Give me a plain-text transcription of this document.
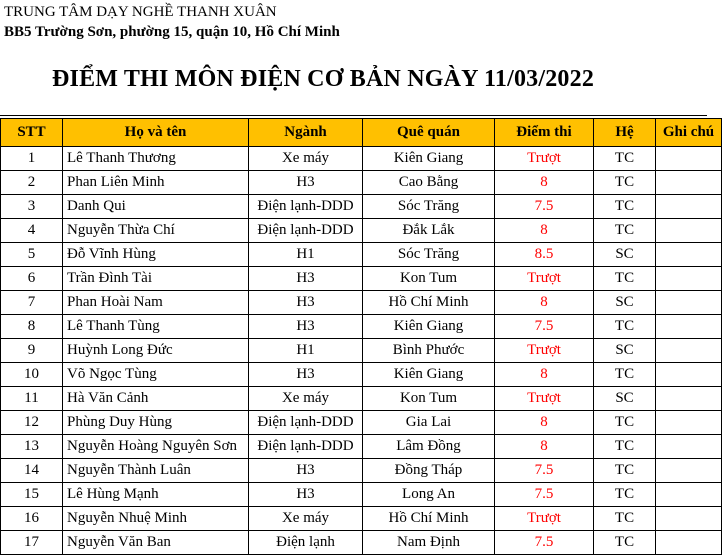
TRUNG TÂM DẠY NGHỀ THANH XUÂN
BB5 Trường Sơn, phường 15, quận 10, Hồ Chí Minh
ĐIỂM THI MÔN ĐIỆN CƠ BẢN NGÀY 11/03/2022
STT	Họ và tên	Ngành	Quê quán	Điểm thi	Hệ	Ghi chú
1	Lê Thanh Thương	Xe máy	Kiên Giang	Trượt	TC	
2	Phan Liên Minh	H3	Cao Bằng	8	TC	
3	Danh Qui	Điện lạnh-DDD	Sóc Trăng	7.5	TC	
4	Nguyễn Thừa Chí	Điện lạnh-DDD	Đắk Lắk	8	TC	
5	Đỗ Vĩnh Hùng	H1	Sóc Trăng	8.5	SC	
6	Trần Đình Tài	H3	Kon Tum	Trượt	TC	
7	Phan Hoài Nam	H3	Hồ Chí Minh	8	SC	
8	Lê Thanh Tùng	H3	Kiên Giang	7.5	TC	
9	Huỳnh Long Đức	H1	Bình Phước	Trượt	SC	
10	Võ Ngọc Tùng	H3	Kiên Giang	8	TC	
11	Hà Văn Cảnh	Xe máy	Kon Tum	Trượt	SC	
12	Phùng Duy Hùng	Điện lạnh-DDD	Gia Lai	8	TC	
13	Nguyễn Hoàng Nguyên Sơn	Điện lạnh-DDD	Lâm Đồng	8	TC	
14	Nguyễn Thành Luân	H3	Đồng Tháp	7.5	TC	
15	Lê Hùng Mạnh	H3	Long An	7.5	TC	
16	Nguyễn Nhuệ Minh	Xe máy	Hồ Chí Minh	Trượt	TC	
17	Nguyễn Văn Ban	Điện lạnh	Nam Định	7.5	TC	
